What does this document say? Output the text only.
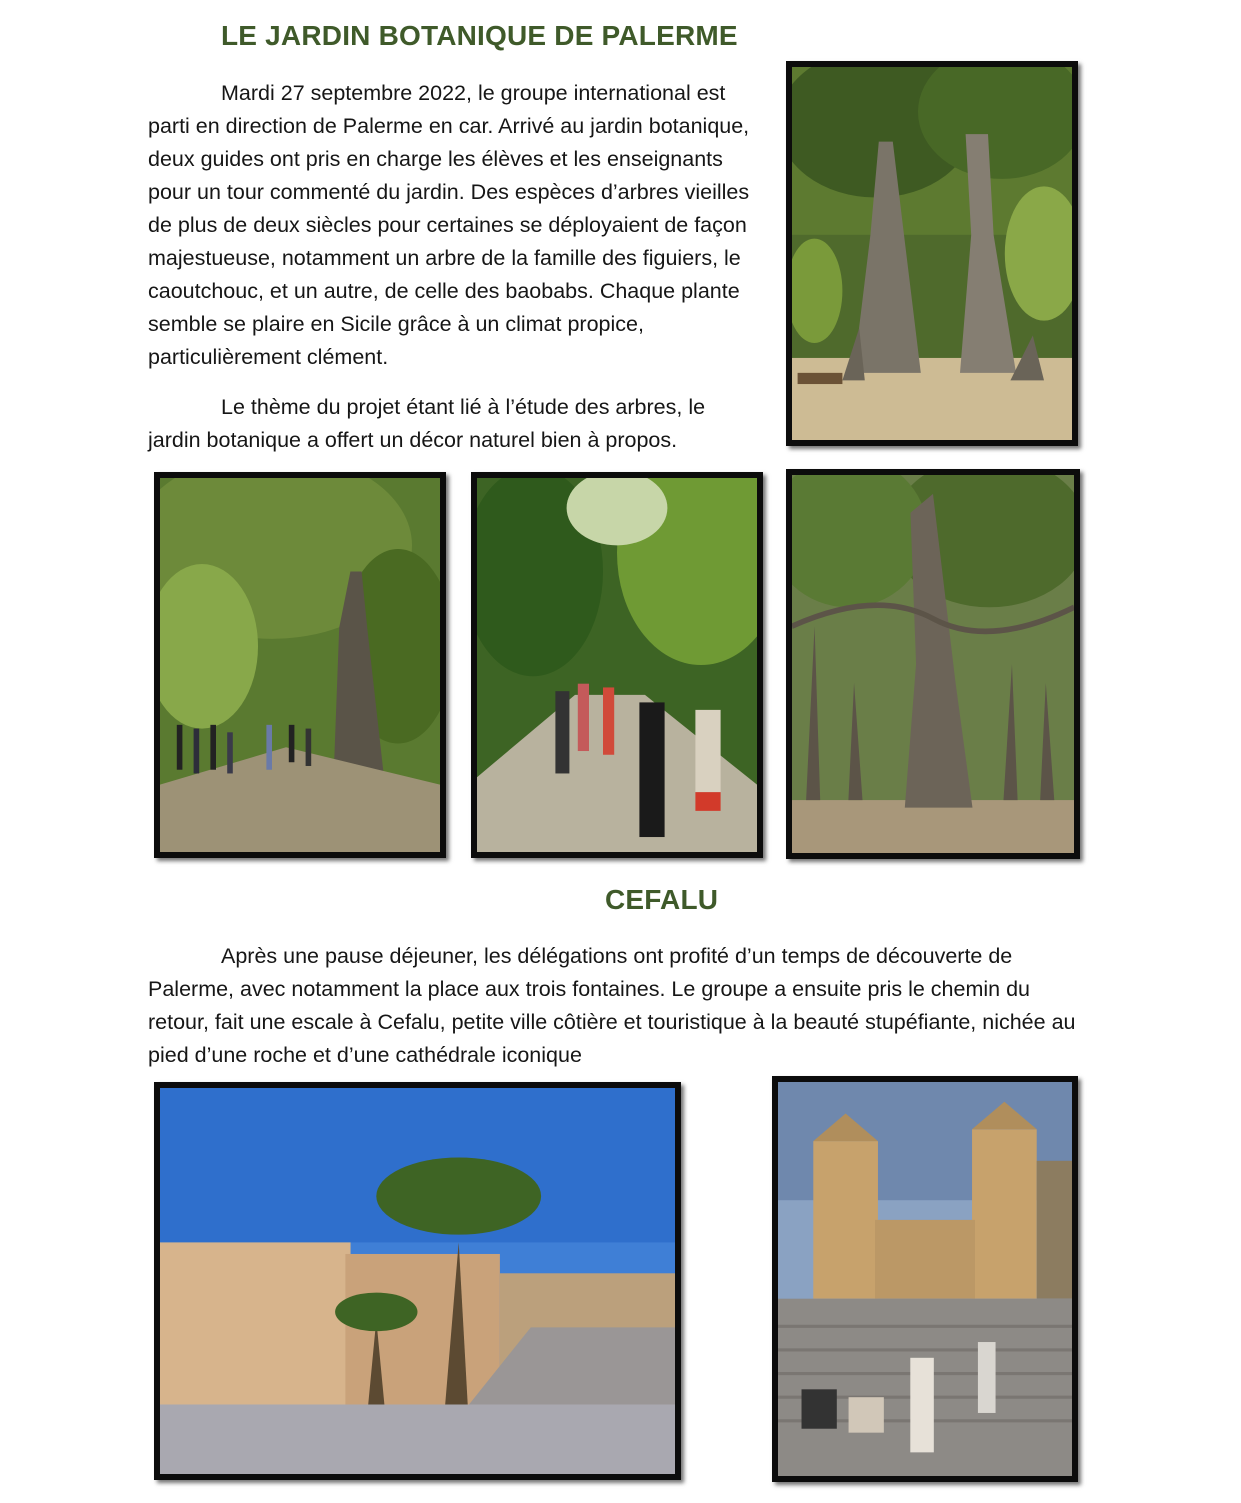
LE JARDIN BOTANIQUE DE PALERME

Mardi 27 septembre 2022, le groupe international est parti en direction de Palerme en car. Arrivé au jardin botanique, deux guides ont pris en charge les élèves et les enseignants pour un tour commenté du jardin. Des espèces d’arbres vieilles de plus de deux siècles pour certaines se déployaient de façon majestueuse, notamment un arbre de la famille des figuiers, le caoutchouc, et un autre, de celle des baobabs. Chaque plante semble se plaire en Sicile grâce à un climat propice, particulièrement clément.

Le thème du projet étant lié à l’étude des arbres, le jardin botanique a offert un décor naturel bien à propos.

CEFALU

Après une pause déjeuner, les délégations ont profité d’un temps de découverte de Palerme, avec notamment la place aux trois fontaines. Le groupe a ensuite pris le chemin du retour, fait une escale à Cefalu, petite ville côtière et touristique à la beauté stupéfiante, nichée au pied d’une roche et d’une cathédrale iconique
